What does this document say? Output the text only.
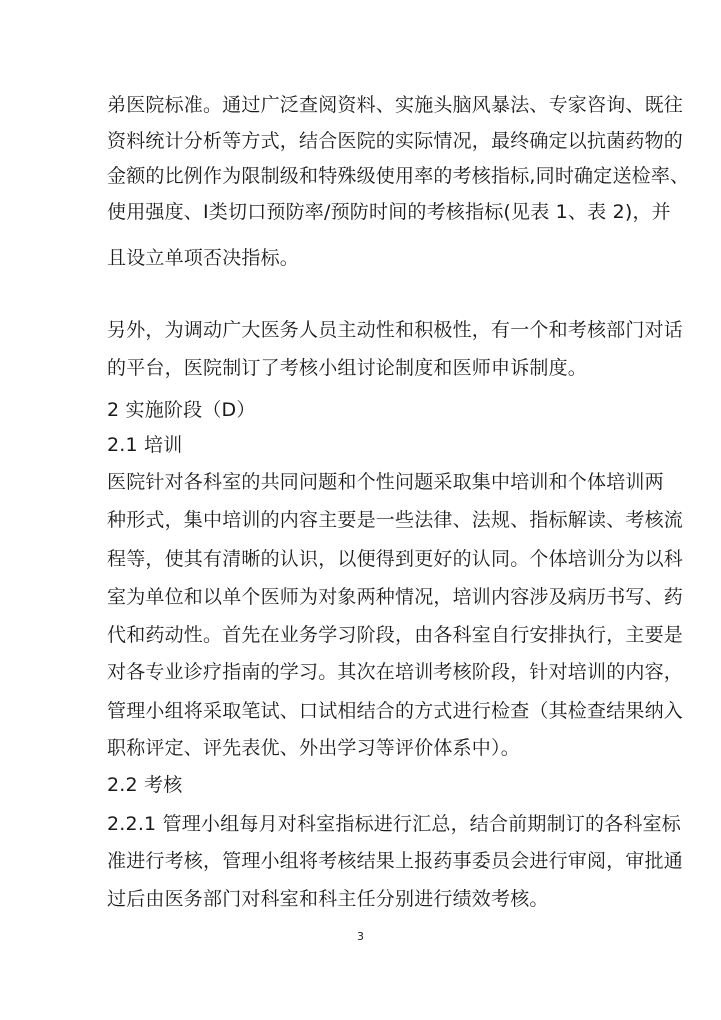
弟医院标准。通过广泛查阅资料、实施头脑风暴法、专家咨询、既往
资料统计分析等方式，结合医院的实际情况，最终确定以抗菌药物的
金额的比例作为限制级和特殊级使用率的考核指标,同时确定送检率、
使用强度、Ⅰ类切口预防率/预防时间的考核指标(见表 1、表 2)，并
且设立单项否决指标。
另外，为调动广大医务人员主动性和积极性，有一个和考核部门对话
的平台，医院制订了考核小组讨论制度和医师申诉制度。
2 实施阶段（D）
2.1 培训
医院针对各科室的共同问题和个性问题采取集中培训和个体培训两
种形式，集中培训的内容主要是一些法律、法规、指标解读、考核流
程等，使其有清晰的认识，以便得到更好的认同。个体培训分为以科
室为单位和以单个医师为对象两种情况，培训内容涉及病历书写、药
代和药动性。首先在业务学习阶段，由各科室自行安排执行，主要是
对各专业诊疗指南的学习。其次在培训考核阶段，针对培训的内容，
管理小组将采取笔试、口试相结合的方式进行检查（其检查结果纳入
职称评定、评先表优、外出学习等评价体系中）。
2.2 考核
2.2.1 管理小组每月对科室指标进行汇总，结合前期制订的各科室标
准进行考核，管理小组将考核结果上报药事委员会进行审阅，审批通
过后由医务部门对科室和科主任分别进行绩效考核。
3
